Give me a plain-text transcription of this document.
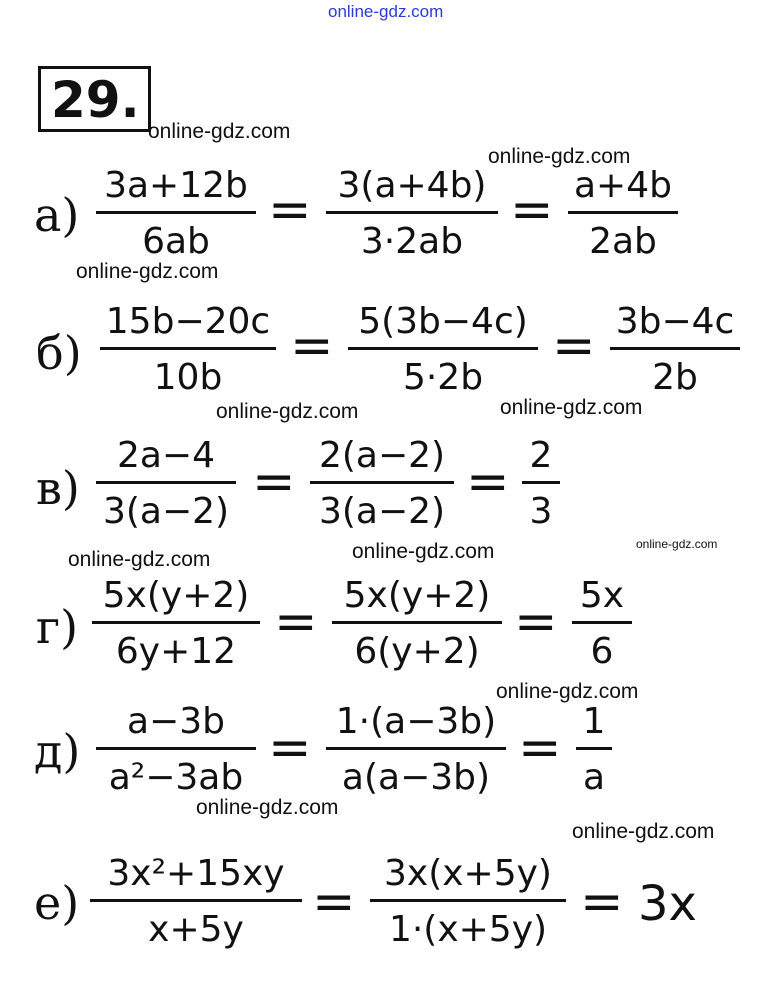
online-gdz.com
29.
online-gdz.com
online-gdz.com
online-gdz.com
online-gdz.com	online-gdz.com
online-gdz.com
online-gdz.com	online-gdz.com
online-gdz.com
online-gdz.com
online-gdz.com
а)
3a+12b
6ab
= 3(a+4b)
3·2ab
= a+4b
2ab
б)
15b−20c
10b
= 5(3b−4c)
5·2b
= 3b−4c
2b
в)
2a−4
3(a−2) = 2(a−2)
3(a−2) = 2
3
г)
5x(y+2)
6y+12 = 5x(y+2)
6(y+2) = 5x
6
д)
a−3b
a²−3ab = 1·(a−3b)
a(a−3b) = 1
a
е)
3x²+15xy
x+5y	= 3x(x+5y)
1·(x+5y) = 3x
